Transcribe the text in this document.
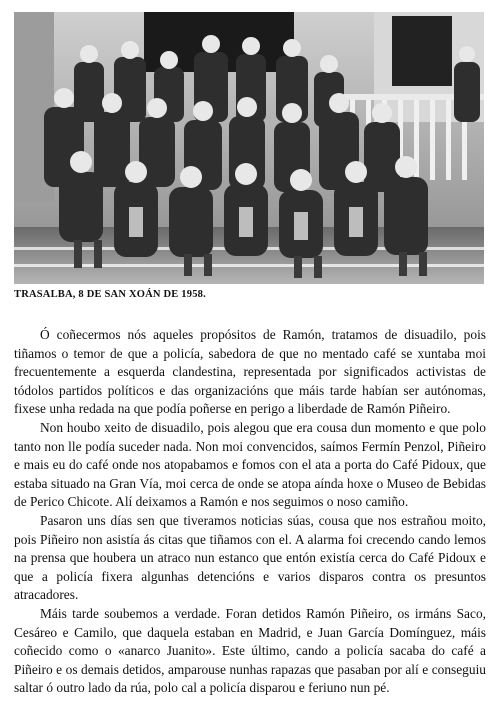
TRASALBA, 8 DE SAN XOÁN DE 1958.

Ó coñecermos nós aqueles propósitos de Ramón, tratamos de disuadilo, pois tiñamos o temor de que a policía, sabedora de que no mentado café se xuntaba moi frecuentemente a esquerda clandestina, representada por significados activistas de tódolos partidos políticos e das organizacións que máis tarde habían ser autónomas, fixese unha redada na que podía poñerse en perigo a liberdade de Ramón Piñeiro.

Non houbo xeito de disuadilo, pois alegou que era cousa dun momento e que polo tanto non lle podía suceder nada. Non moi convencidos, saímos Fermín Penzol, Piñeiro e mais eu do café onde nos atopabamos e fomos con el ata a porta do Café Pidoux, que estaba situado na Gran Vía, moi cerca de onde se atopa aínda hoxe o Museo de Bebidas de Perico Chicote. Alí deixamos a Ramón e nos seguimos o noso camiño.

Pasaron uns días sen que tiveramos noticias súas, cousa que nos estrañou moito, pois Piñeiro non asistía ás citas que tiñamos con el. A alarma foi crecendo cando lemos na prensa que houbera un atraco nun estanco que entón existía cerca do Café Pidoux e que a policía fixera algunhas detencións e varios disparos contra os presuntos atracadores.

Máis tarde soubemos a verdade. Foran detidos Ramón Piñeiro, os irmáns Saco, Cesáreo e Camilo, que daquela estaban en Madrid, e Juan García Domínguez, máis coñecido como o «anarco Juanito». Este último, cando a policía sacaba do café a Piñeiro e os demais detidos, amparouse nunhas rapazas que pasaban por alí e conseguiu saltar ó outro lado da rúa, polo cal a policía disparou e feriuno nun pé.
